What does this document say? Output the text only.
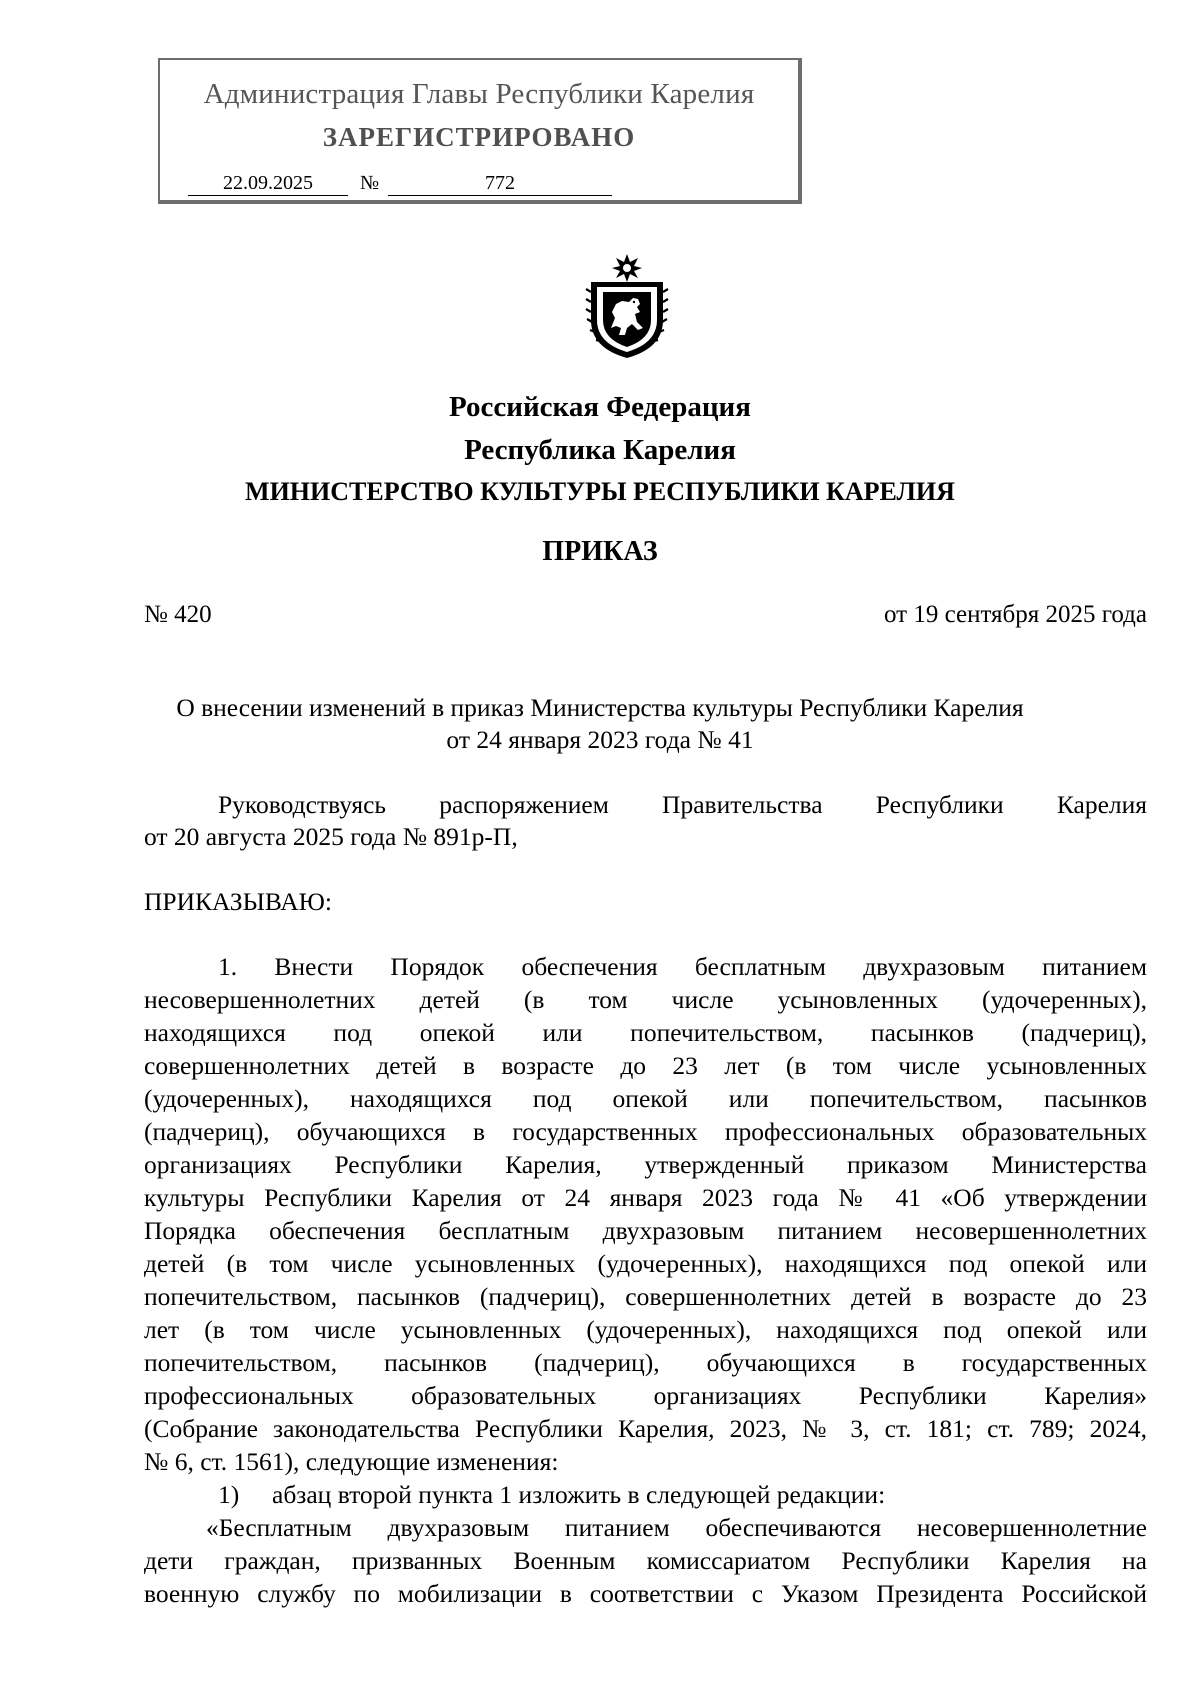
Администрация Главы Республики Карелия
ЗАРЕГИСТРИРОВАНО
22.09.2025	№	772
Российская Федерация
Республика Карелия
МИНИСТЕРСТВО КУЛЬТУРЫ РЕСПУБЛИКИ КАРЕЛИЯ
ПРИКАЗ
№ 420	от 19 сентября 2025 года
О внесении изменений в приказ Министерства культуры Республики Карелия
от 24 января 2023 года № 41
Руководствуясь распоряжением Правительства Республики Карелия
от 20 августа 2025 года № 891р-П,
ПРИКАЗЫВАЮ:
1. Внести Порядок обеспечения бесплатным двухразовым питанием
несовершеннолетних детей (в том числе усыновленных (удочеренных),
находящихся под опекой или попечительством, пасынков (падчериц),
совершеннолетних детей в возрасте до 23 лет (в том числе усыновленных
(удочеренных), находящихся под опекой или попечительством, пасынков
(падчериц), обучающихся в государственных профессиональных образовательных
организациях Республики Карелия, утвержденный приказом Министерства
культуры Республики Карелия от 24 января 2023 года № 41 «Об утверждении
Порядка обеспечения бесплатным двухразовым питанием несовершеннолетних
детей (в том числе усыновленных (удочеренных), находящихся под опекой или
попечительством, пасынков (падчериц), совершеннолетних детей в возрасте до 23
лет (в том числе усыновленных (удочеренных), находящихся под опекой или
попечительством, пасынков (падчериц), обучающихся в государственных
профессиональных образовательных организациях Республики Карелия»
(Собрание законодательства Республики Карелия, 2023, № 3, ст. 181; ст. 789; 2024,
№ 6, ст. 1561), следующие изменения:
1) абзац второй пункта 1 изложить в следующей редакции:
«Бесплатным двухразовым питанием обеспечиваются несовершеннолетние
дети граждан, призванных Военным комиссариатом Республики Карелия на
военную службу по мобилизации в соответствии с Указом Президента Российской
